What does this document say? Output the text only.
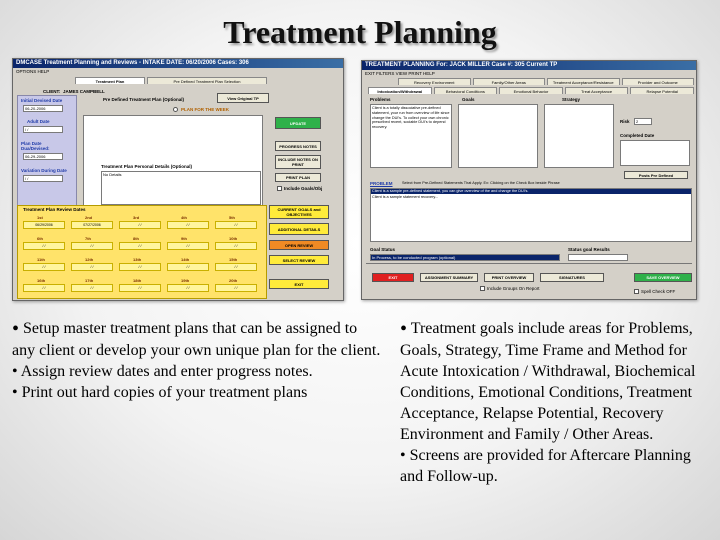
Treatment Planning
DMCASE Treatment Planning and Reviews - INTAKE DATE: 06/20/2006 Cases: 306
OPTIONS HELP
Treatment Plan	Pre Defined Treatment Plan Selection
CLIENT: JAMES CAMPBELL
Initial Devised Date
06-20-2006
Adult Date
/ /
Plan Date Dua/Devised:
06-29-2006
Variation During Date
/ /
Pre Defined Treatment Plan (Optional)	View Original TP
PLAN FOR THE WEEK
UPDATE
PROGRESS NOTES
INCLUDE NOTES ON PRINT
PRINT PLAN
Include Goals/Obj
Treatment Plan Personal Details (Optional)
No Details
Treatment Plan Review Dates
1st
06/29/2006
2nd
07/27/2006
3rd
/ /
4th
/ /
5th
/ /
6th
/ /
7th
/ /
8th
/ /
9th
/ /
10th
/ /
11th
/ /
12th
/ /
13th
/ /
14th
/ /
15th
/ /
16th
/ /
17th
/ /
18th
/ /
19th
/ /
20th
/ /
CURRENT GOALS and OBJECTIVES
ADDITIONAL DETAILS
OPEN REVIEW
SELECT REVIEW
EXIT
TREATMENT PLANNING For: JACK MILLER Case #: 305 Current TP
EXIT FILTERS VIEW PRINT HELP
Recovery Environment	Family/Other Areas	Treatment Acceptance/Resistance	Provider and Outcome
Intoxication/Withdrawal	Behavioral Conditions	Emotional Behavior	Treat Acceptance	Relapse Potential
Problems	Goals	Strategy
Client is a totally dissociative pre-defined statement, your run from overview of life since change the DUI's. To collect your own chronic prescribed recent, sociable DUI's to depend recovery.
Risk	2
Completed Date
Posts Pre Defined
PROBLEM	Select from Pre-Defined Statements That Apply. Ex: Clicking on the Check Box beside Phrase
Client is a sample pre-defined statement, you can give overview of the and change the DUI's.
Client is a sample statement recovery...
Goal Status	Status goal Results
In Process, to be conducted program (optional)
EXIT	ASSIGNMENT SUMMARY	PRINT OVERVIEW	SIGNATURES	SAVE OVERVIEW
Include Groups On Report
Spell Check OFF
• Setup master treatment plans that can be assigned to any client or develop your own unique plan for the client.
• Assign review dates and enter progress notes.
• Print out hard copies of your treatment plans
• Treatment goals include areas for Problems, Goals, Strategy, Time Frame and Method for Acute Intoxication / Withdrawal, Biochemical Conditions, Emotional Conditions, Treatment Acceptance, Relapse Potential, Recovery Environment and Family / Other Areas.
• Screens are provided for Aftercare Planning and Follow-up.
